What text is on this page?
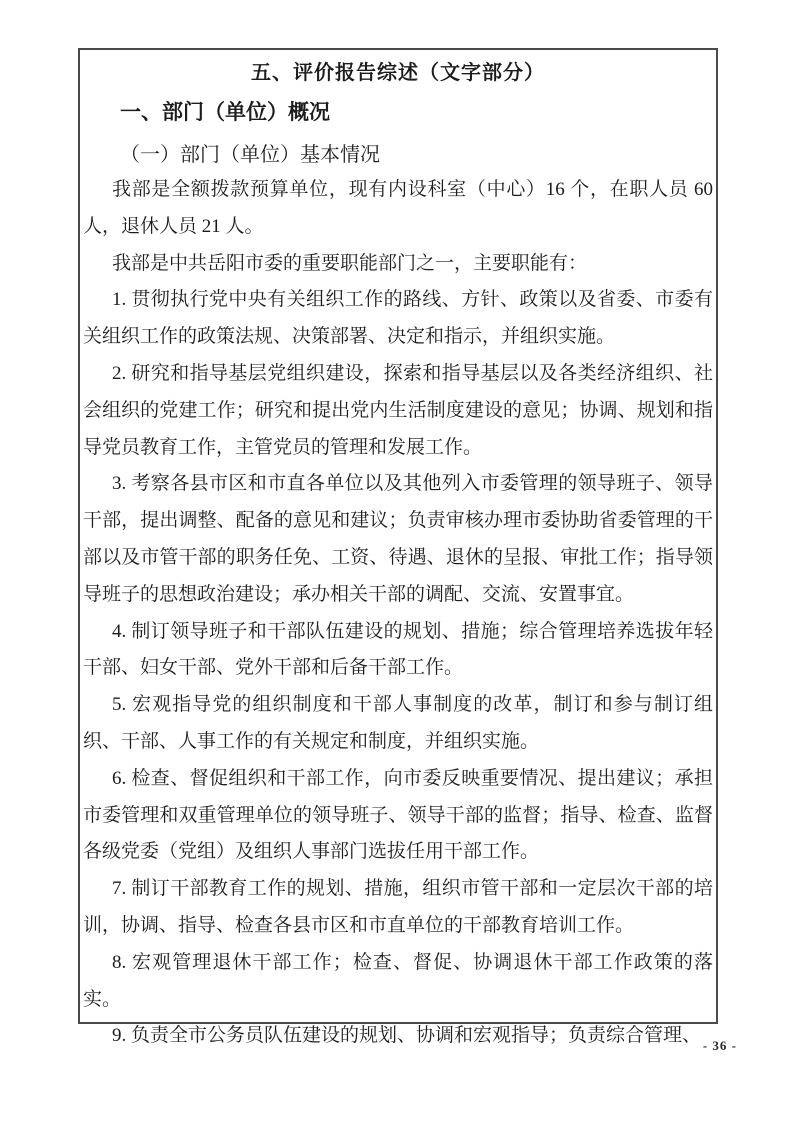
五、评价报告综述（文字部分）
一、部门（单位）概况
（一）部门（单位）基本情况

我部是全额拨款预算单位，现有内设科室（中心）16 个，在职人员 60 人，退休人员 21 人。

我部是中共岳阳市委的重要职能部门之一，主要职能有：

1. 贯彻执行党中央有关组织工作的路线、方针、政策以及省委、市委有关组织工作的政策法规、决策部署、决定和指示，并组织实施。

2. 研究和指导基层党组织建设，探索和指导基层以及各类经济组织、社会组织的党建工作；研究和提出党内生活制度建设的意见；协调、规划和指导党员教育工作，主管党员的管理和发展工作。

3. 考察各县市区和市直各单位以及其他列入市委管理的领导班子、领导干部，提出调整、配备的意见和建议；负责审核办理市委协助省委管理的干部以及市管干部的职务任免、工资、待遇、退休的呈报、审批工作；指导领导班子的思想政治建设；承办相关干部的调配、交流、安置事宜。

4. 制订领导班子和干部队伍建设的规划、措施；综合管理培养选拔年轻干部、妇女干部、党外干部和后备干部工作。

5. 宏观指导党的组织制度和干部人事制度的改革，制订和参与制订组织、干部、人事工作的有关规定和制度，并组织实施。

6. 检查、督促组织和干部工作，向市委反映重要情况、提出建议；承担市委管理和双重管理单位的领导班子、领导干部的监督；指导、检查、监督各级党委（党组）及组织人事部门选拔任用干部工作。

7. 制订干部教育工作的规划、措施，组织市管干部和一定层次干部的培训，协调、指导、检查各县市区和市直单位的干部教育培训工作。

8. 宏观管理退休干部工作；检查、督促、协调退休干部工作政策的落实。

9. 负责全市公务员队伍建设的规划、协调和宏观指导；负责综合管理、 - 36 -
